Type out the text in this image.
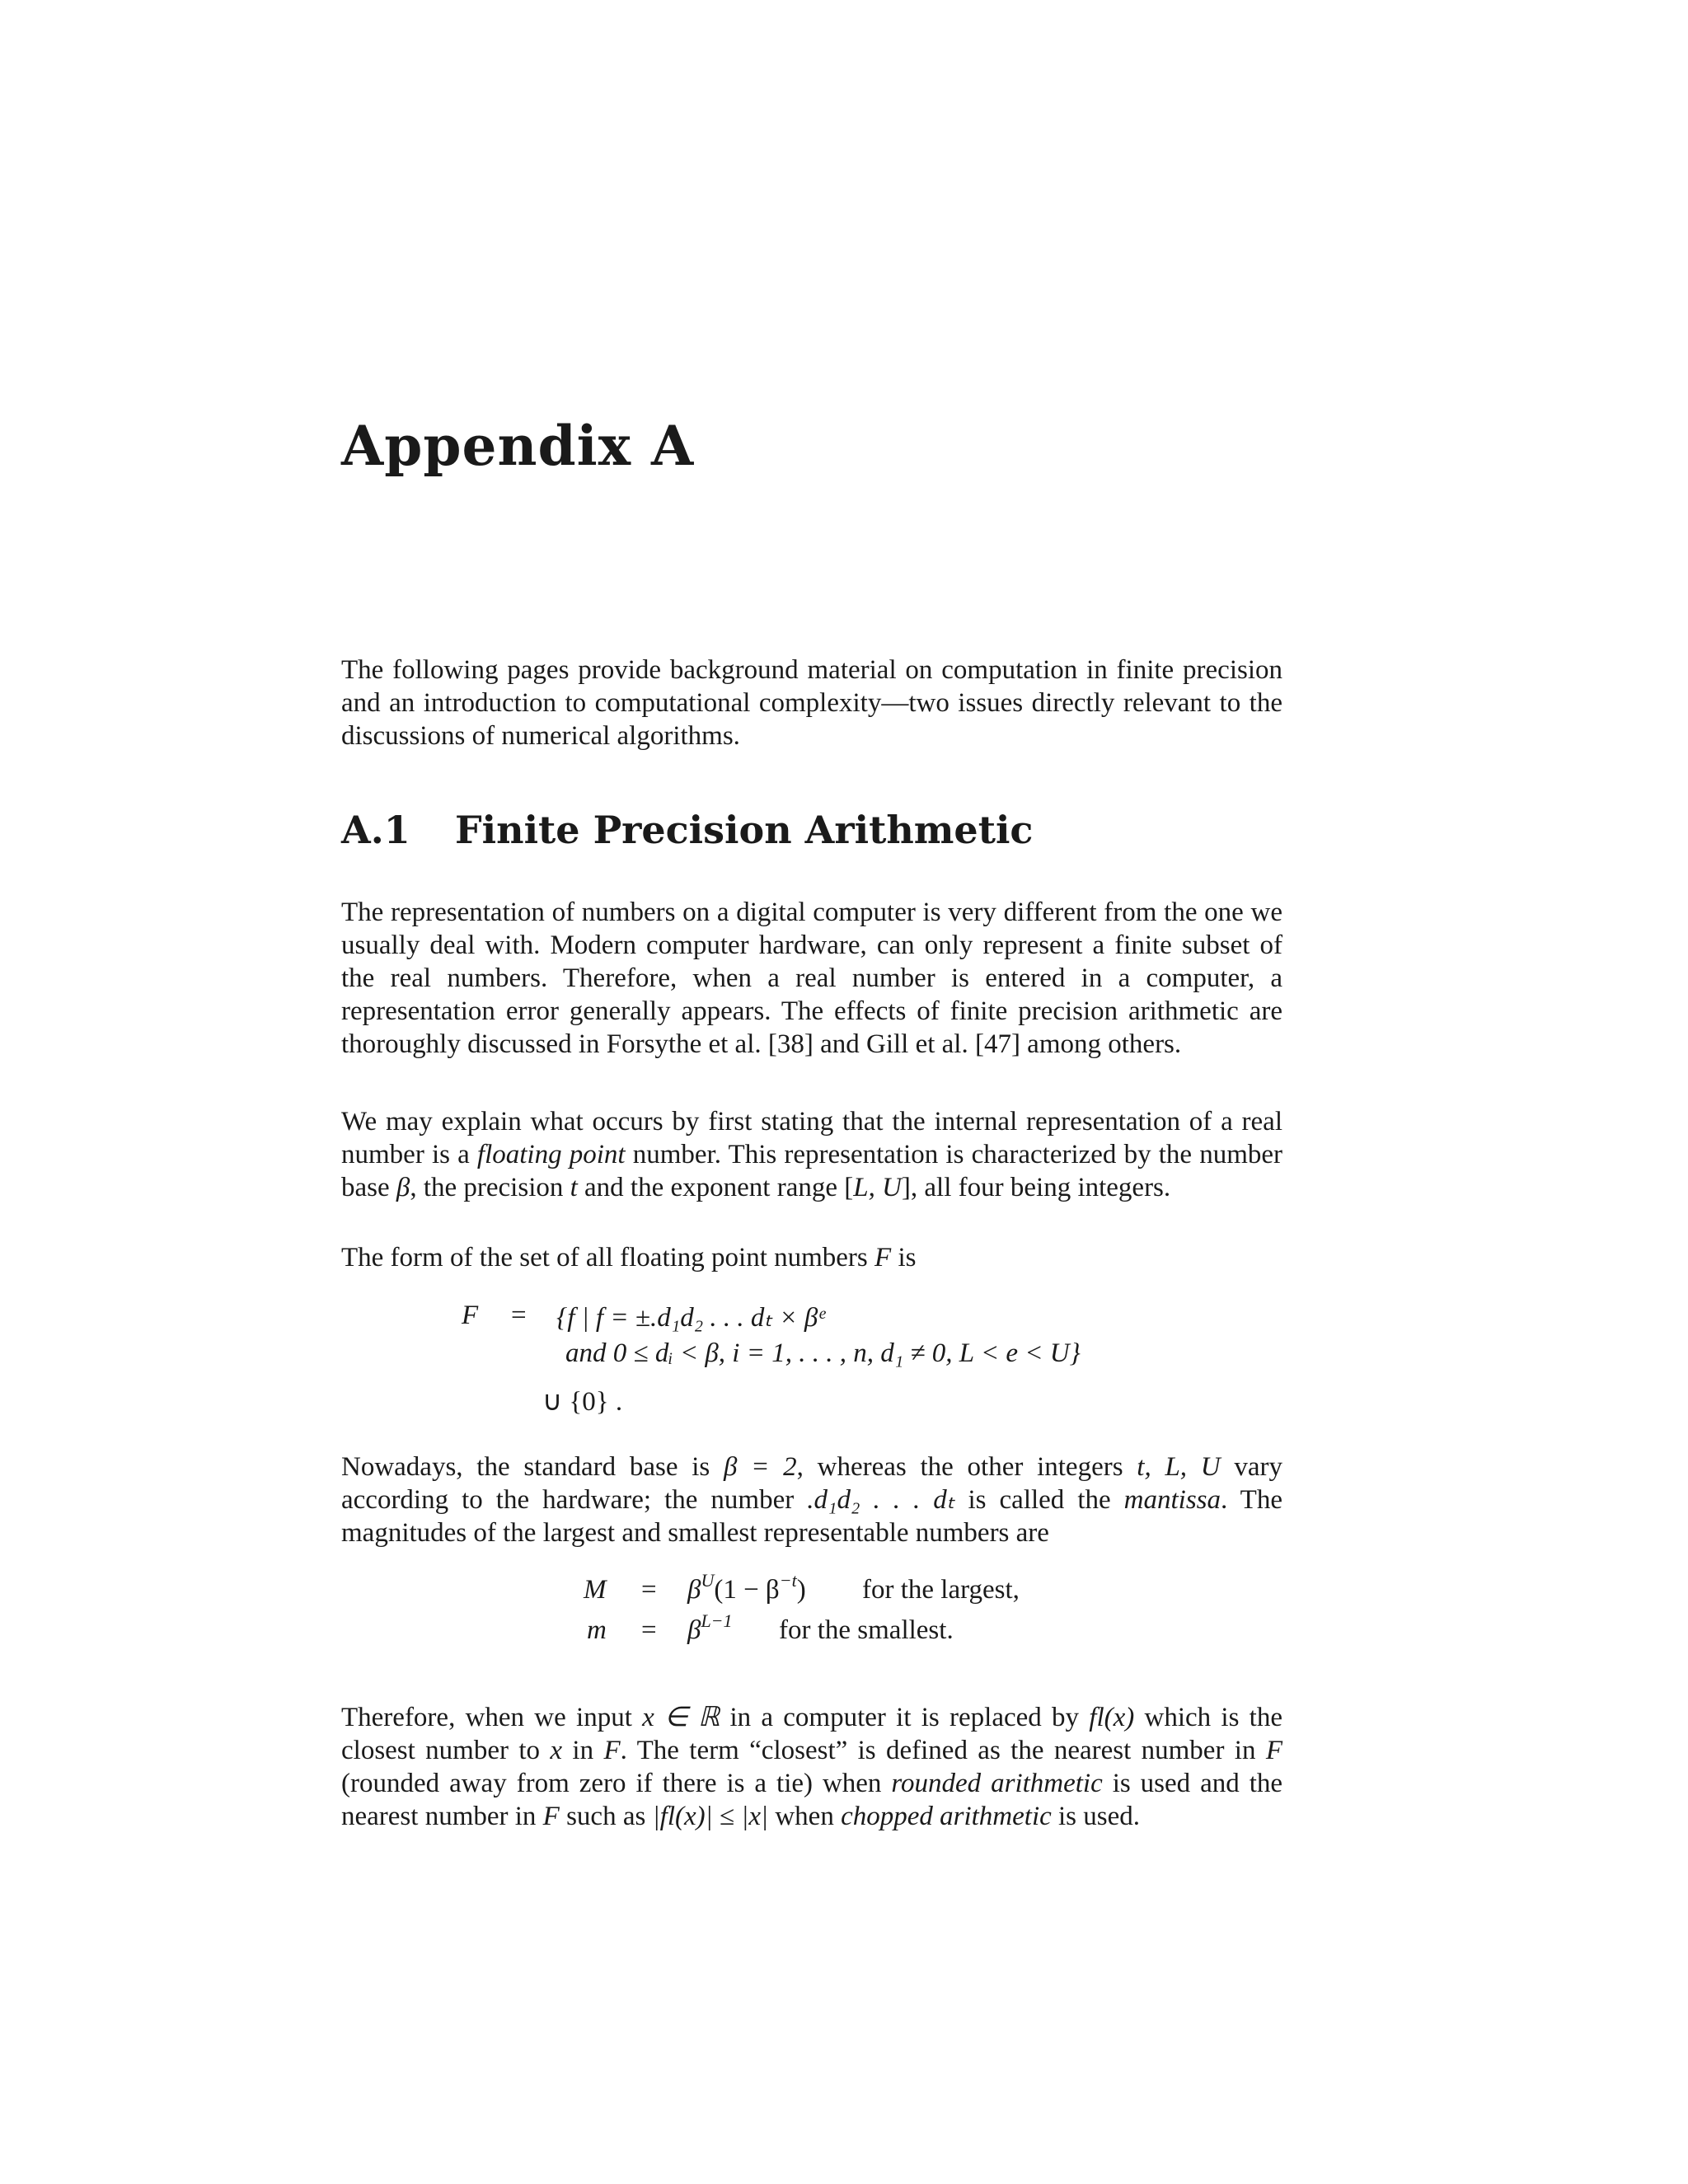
Appendix A

The following pages provide background material on computation in finite precision and an introduction to computational complexity—two issues directly relevant to the discussions of numerical algorithms.

A.1 Finite Precision Arithmetic

The representation of numbers on a digital computer is very different from the one we usually deal with. Modern computer hardware, can only represent a finite subset of the real numbers. Therefore, when a real number is entered in a computer, a representation error generally appears. The effects of finite precision arithmetic are thoroughly discussed in Forsythe et al. [38] and Gill et al. [47] among others.

We may explain what occurs by first stating that the internal representation of a real number is a floating point number. This representation is characterized by the number base β, the precision t and the exponent range [L, U], all four being integers.

The form of the set of all floating point numbers F is

F = {f | f = ±.d₁d₂ . . . dₜ × βᵉ
and 0 ≤ dᵢ < β, i = 1, . . . , n, d₁ ≠ 0, L < e < U}
∪ {0} .

Nowadays, the standard base is β = 2, whereas the other integers t, L, U vary according to the hardware; the number .d₁d₂ . . . dₜ is called the mantissa. The magnitudes of the largest and smallest representable numbers are

$M = \beta^U(1 - \beta^{-t})$ for the largest,
$m = \beta^{L-1}$ for the smallest.

Therefore, when we input x ∈ ℝ in a computer it is replaced by fl(x) which is the closest number to x in F. The term “closest” is defined as the nearest number in F (rounded away from zero if there is a tie) when rounded arithmetic is used and the nearest number in F such as |fl(x)| ≤ |x| when chopped arithmetic is used.
